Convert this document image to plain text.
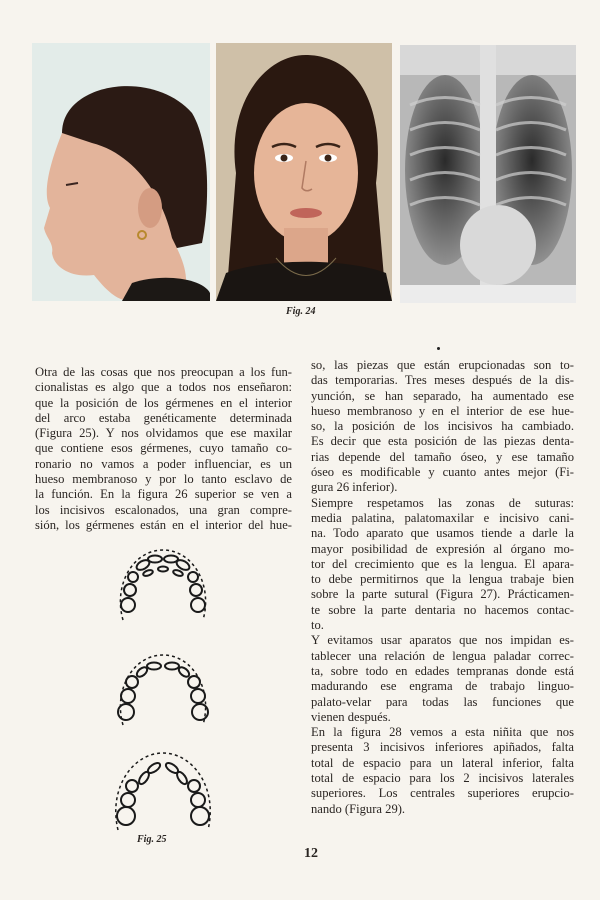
Fig. 24

Otra de las cosas que nos preocupan a los fun-
cionalistas es algo que a todos nos enseñaron:
que la posición de los gérmenes en el interior
del arco estaba genéticamente determinada
(Figura 25). Y nos olvidamos que ese maxilar
que contiene esos gérmenes, cuyo tamaño co-
ronario no vamos a poder influenciar, es un
hueso membranoso y por lo tanto esclavo de
la función. En la figura 26 superior se ven a
los incisivos escalonados, una gran compre-
sión, los gérmenes están en el interior del hue-

Fig. 25

so, las piezas que están erupcionadas son to-
das temporarias. Tres meses después de la dis-
yunción, se han separado, ha aumentado ese
hueso membranoso y en el interior de ese hue-
so, la posición de los incisivos ha cambiado.
Es decir que esta posición de las piezas denta-
rias depende del tamaño óseo, y ese tamaño
óseo es modificable y cuanto antes mejor (Fi-
gura 26 inferior).
Siempre respetamos las zonas de suturas:
media palatina, palatomaxilar e incisivo cani-
na. Todo aparato que usamos tiende a darle la
mayor posibilidad de expresión al órgano mo-
tor del crecimiento que es la lengua. El apara-
to debe permitirnos que la lengua trabaje bien
sobre la parte sutural (Figura 27). Prácticamen-
te sobre la parte dentaria no hacemos contac-
to.
Y evitamos usar aparatos que nos impidan es-
tablecer una relación de lengua paladar correc-
ta, sobre todo en edades tempranas donde está
madurando ese engrama de trabajo linguo-
palato-velar para todas las funciones que
vienen después.
En la figura 28 vemos a esta niñita que nos
presenta 3 incisivos inferiores apiñados, falta
total de espacio para un lateral inferior, falta
total de espacio para los 2 incisivos laterales
superiores. Los centrales superiores erupcio-
nando (Figura 29).

12
